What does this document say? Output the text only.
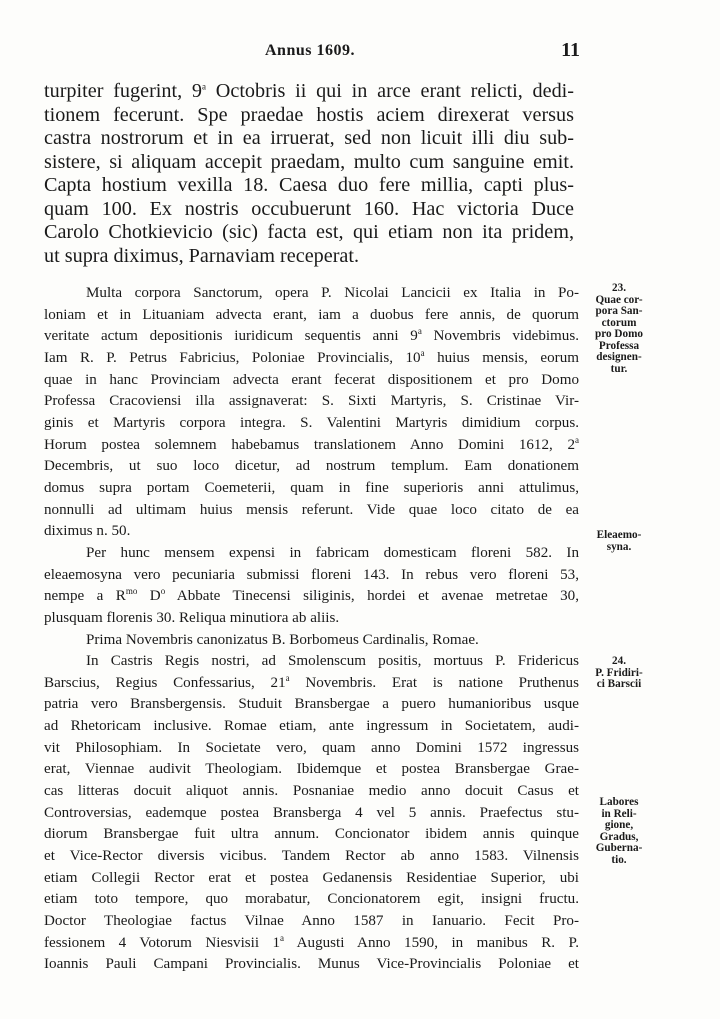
Annus 1609.	11
turpiter fugerint, 9$^a$ Octobris ii qui in arce erant relicti, dedi-
tionem fecerunt. Spe praedae hostis aciem direxerat versus
castra nostrorum et in ea irruerat, sed non licuit illi diu sub-
sistere, si aliquam accepit praedam, multo cum sanguine emit.
Capta hostium vexilla 18. Caesa duo fere millia, capti plus-
quam 100. Ex nostris occubuerunt 160. Hac victoria Duce
Carolo Chotkievicio (sic) facta est, qui etiam non ita pridem,
ut supra diximus, Parnaviam receperat.
Multa corpora Sanctorum, opera P. Nicolai Lancicii ex Italia in Po-
loniam et in Lituaniam advecta erant, iam a duobus fere annis, de quorum
veritate actum depositionis iuridicum sequentis anni 9$^a$ Novembris videbimus.
Iam R. P. Petrus Fabricius, Poloniae Provincialis, 10$^a$ huius mensis, eorum
quae in hanc Provinciam advecta erant fecerat dispositionem et pro Domo
Professa Cracoviensi illa assignaverat: S. Sixti Martyris, S. Cristinae Vir-
ginis et Martyris corpora integra. S. Valentini Martyris dimidium corpus.
Horum postea solemnem habebamus translationem Anno Domini 1612, 2$^a$
Decembris, ut suo loco dicetur, ad nostrum templum. Eam donationem
domus supra portam Coemeterii, quam in fine superioris anni attulimus,
nonnulli ad ultimam huius mensis referunt. Vide quae loco citato de ea
diximus n. 50.
Per hunc mensem expensi in fabricam domesticam floreni 582. In
eleaemosyna vero pecuniaria submissi floreni 143. In rebus vero floreni 53,
nempe a $R^{mo}$ $D^o$ Abbate Tinecensi siliginis, hordei et avenae metretae 30,
plusquam florenis 30. Reliqua minutiora ab aliis.
Prima Novembris canonizatus B. Borbomeus Cardinalis, Romae.
In Castris Regis nostri, ad Smolenscum positis, mortuus P. Fridericus
Barscius, Regius Confessarius, 21$^a$ Novembris. Erat is natione Pruthenus
patria vero Bransbergensis. Studuit Bransbergae a puero humanioribus usque
ad Rhetoricam inclusive. Romae etiam, ante ingressum in Societatem, audi-
vit Philosophiam. In Societate vero, quam anno Domini 1572 ingressus
erat, Viennae audivit Theologiam. Ibidemque et postea Bransbergae Grae-
cas litteras docuit aliquot annis. Posnaniae medio anno docuit Casus et
Controversias, eademque postea Bransberga 4 vel 5 annis. Praefectus stu-
diorum Bransbergae fuit ultra annum. Concionator ibidem annis quinque
et Vice-Rector diversis vicibus. Tandem Rector ab anno 1583. Vilnensis
etiam Collegii Rector erat et postea Gedanensis Residentiae Superior, ubi
etiam toto tempore, quo morabatur, Concionatorem egit, insigni fructu.
Doctor Theologiae factus Vilnae Anno 1587 in Ianuario. Fecit Pro-
fessionem 4 Votorum Niesvisii 1$^a$ Augusti Anno 1590, in manibus R. P.
Ioannis Pauli Campani Provincialis. Munus Vice-Provincialis Poloniae et
23.
Quae cor-
pora San-
ctorum
pro Domo
Professa
designen-
tur.
Eleaemo-
syna.
24.
P. Fridiri-
ci Barscii
Labores
in Reli-
gione,
Gradus,
Guberna-
tio.
